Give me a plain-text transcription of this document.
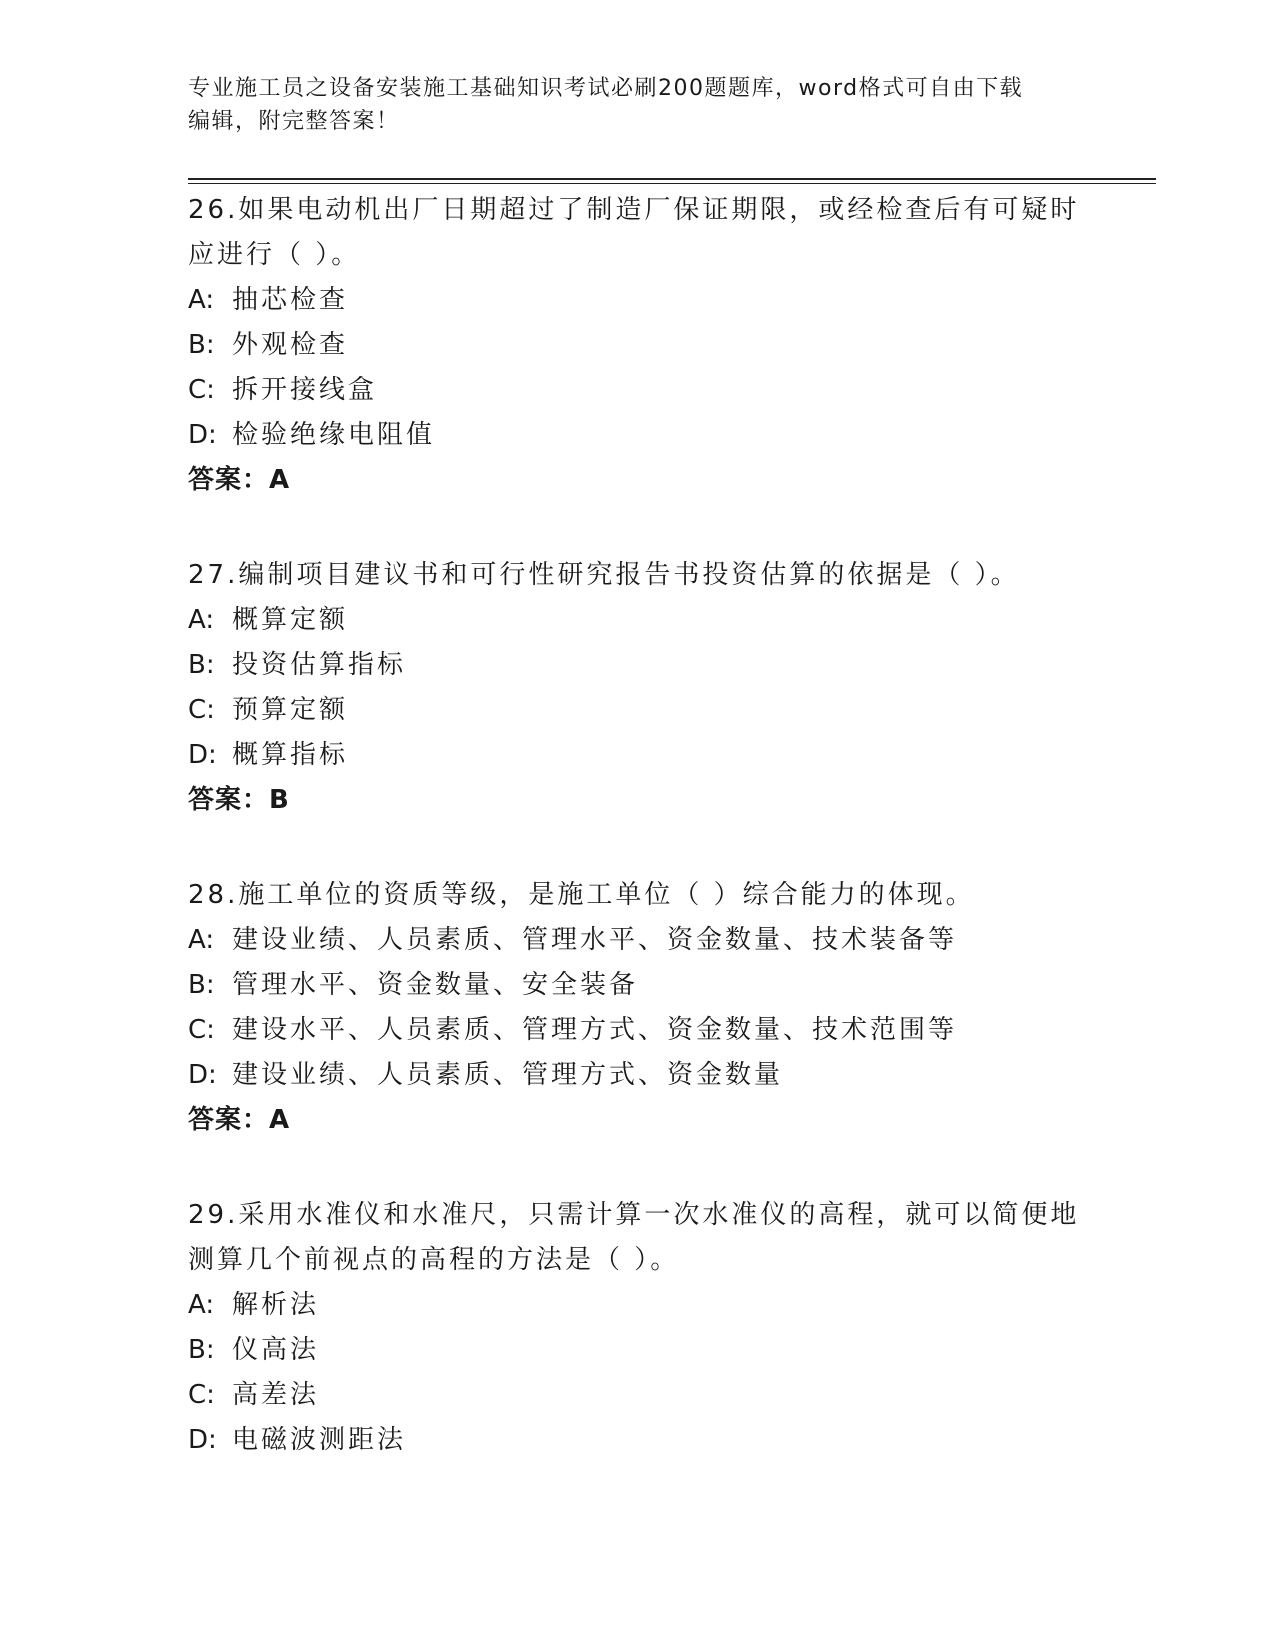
专业施工员之设备安装施工基础知识考试必刷200题题库，word格式可自由下载
编辑，附完整答案！
26.如果电动机出厂日期超过了制造厂保证期限，或经检查后有可疑时
应进行（ ）。
A: 抽芯检查
B: 外观检查
C: 拆开接线盒
D: 检验绝缘电阻值
答案：A
27.编制项目建议书和可行性研究报告书投资估算的依据是（ ）。
A: 概算定额
B: 投资估算指标
C: 预算定额
D: 概算指标
答案：B
28.施工单位的资质等级，是施工单位（ ）综合能力的体现。
A: 建设业绩、人员素质、管理水平、资金数量、技术装备等
B: 管理水平、资金数量、安全装备
C: 建设水平、人员素质、管理方式、资金数量、技术范围等
D: 建设业绩、人员素质、管理方式、资金数量
答案：A
29.采用水准仪和水准尺，只需计算一次水准仪的高程，就可以简便地
测算几个前视点的高程的方法是（ ）。
A: 解析法
B: 仪高法
C: 高差法
D: 电磁波测距法
